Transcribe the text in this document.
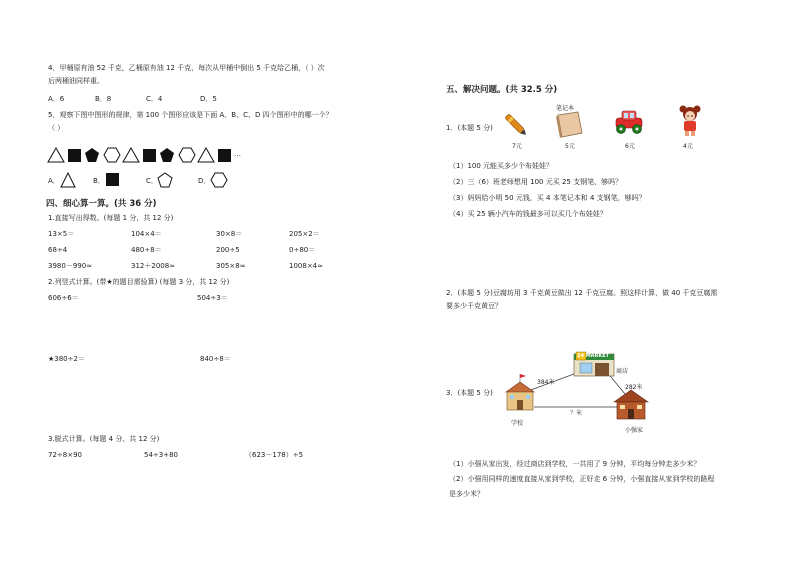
4．甲桶原有油 52 千克，乙桶原有油 12 千克，每次从甲桶中倒出 5 千克给乙桶，（ ）次
后两桶油同样重。
A．6	B．8	C．4	D．5
5．观察下图中图形的规律，第 100 个图形应该是下面 A、B、C、D 四个图形中的哪一个？
（ ）
…
A．	B．	C．	D．
四、细心算一算。(共 36 分)
1.直接写出得数。(每题 1 分，共 12 分)
13×5＝	104×4＝	30×8＝	205×2＝
68÷4	480÷8＝	200÷5	0÷80＝
3980－990≈	312＋2008≈	305×8≈	1008×4≈
2.列竖式计算。(带★的题目需验算) (每题 3 分，共 12 分)
606÷6＝	504÷3＝
★380÷2＝	840÷8＝
3.脱式计算。(每题 4 分、共 12 分)
72÷8×90	54÷3+80	（623－178）÷5
五、解决问题。(共 32.5 分)
1．(本题 5 分)
7元
笔记本
5元	6元	4元
（1）100 元能买多少个布娃娃？
（2）三（6）班老师想用 100 元买 25 支钢笔，够吗？
（3）妈妈给小明 50 元钱，买 4 本笔记本和 4 支钢笔，够吗？
（4）买 25 辆小汽车的钱最多可以买几个布娃娃？
2．(本题 5 分)豆腐坊用 3 千克黄豆做出 12 千克豆腐。照这样计算，做 40 千克豆腐需
要多少千克黄豆？
3．(本题 5 分)
24 MARKET
商店
384米
282米
？米
学校
小强家
（1）小强从家出发，经过商店到学校，一共用了 9 分钟，平均每分钟走多少米？
（2）小强用同样的速度直接从家到学校，正好走 6 分钟，小强直接从家到学校的路程
是多少米？
